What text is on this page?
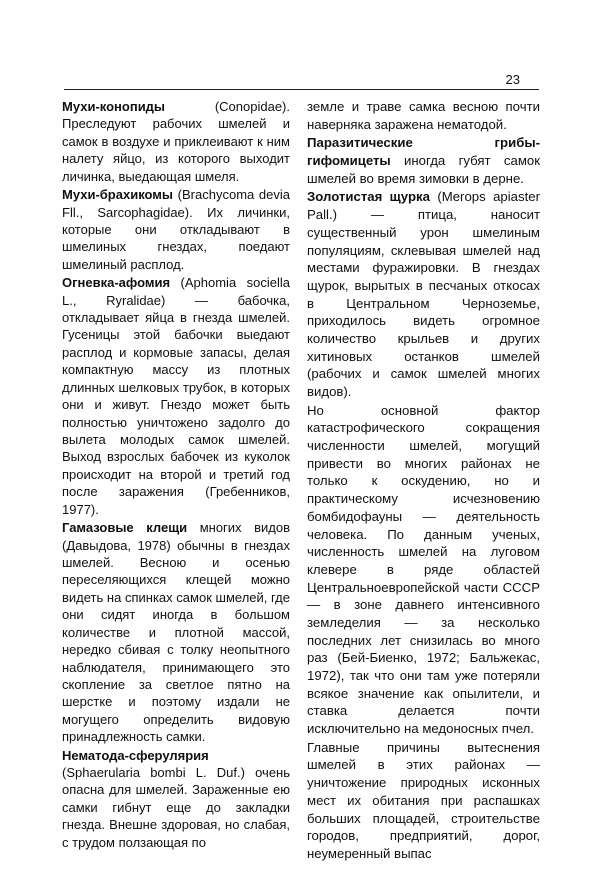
23

Мухи-конопиды (Conopidae). Преследуют рабочих шмелей и самок в воздухе и приклеивают к ним налету яйцо, из которого выходит личинка, выедающая шмеля.

Мухи-брахикомы (Brachycoma devia Fll., Sarcophagidae). Их личинки, которые они откладывают в шмелиных гнездах, поедают шмелиный расплод.

Огневка-афомия (Aphomia sociella L., Ryralidae) — бабочка, откладывает яйца в гнезда шмелей. Гусеницы этой бабочки выедают расплод и кормовые запасы, делая компактную массу из плотных длинных шелковых трубок, в которых они и живут. Гнездо может быть полностью уничтожено задолго до вылета молодых самок шмелей. Выход взрослых бабочек из куколок происходит на второй и третий год после заражения (Гребенников, 1977).

Гамазовые клещи многих видов (Давыдова, 1978) обычны в гнездах шмелей. Весною и осенью переселяющихся клещей можно видеть на спинках самок шмелей, где они сидят иногда в большом количестве и плотной массой, нередко сбивая с толку неопытного наблюдателя, принимающего это скопление за светлое пятно на шерстке и поэтому издали не могущего определить видовую принадлежность самки.

Нематода-сферулярия (Sphaerularia bombi L. Duf.) очень опасна для шмелей. Зараженные ею самки гибнут еще до закладки гнезда. Внешне здоровая, но слабая, с трудом ползающая по

земле и траве самка весною почти наверняка заражена нематодой.

Паразитические грибы-гифомицеты иногда губят самок шмелей во время зимовки в дерне.

Золотистая щурка (Merops apiaster Pall.) — птица, наносит существенный урон шмелиным популяциям, склевывая шмелей над местами фуражировки. В гнездах щурок, вырытых в песчаных откосах в Центральном Черноземье, приходилось видеть огромное количество крыльев и других хитиновых останков шмелей (рабочих и самок шмелей многих видов).

Но основной фактор катастрофического сокращения численности шмелей, могущий привести во многих районах не только к оскудению, но и практическому исчезновению бомбидофауны — деятельность человека. По данным ученых, численность шмелей на луговом клевере в ряде областей Центральноевропейской части СССР — в зоне давнего интенсивного земледелия — за несколько последних лет снизилась во много раз (Бей-Биенко, 1972; Бальжекас, 1972), так что они там уже потеряли всякое значение как опылители, и ставка делается почти исключительно на медоносных пчел.

Главные причины вытеснения шмелей в этих районах — уничтожение природных исконных мест их обитания при распашках больших площадей, строительстве городов, предприятий, дорог, неумеренный выпас
